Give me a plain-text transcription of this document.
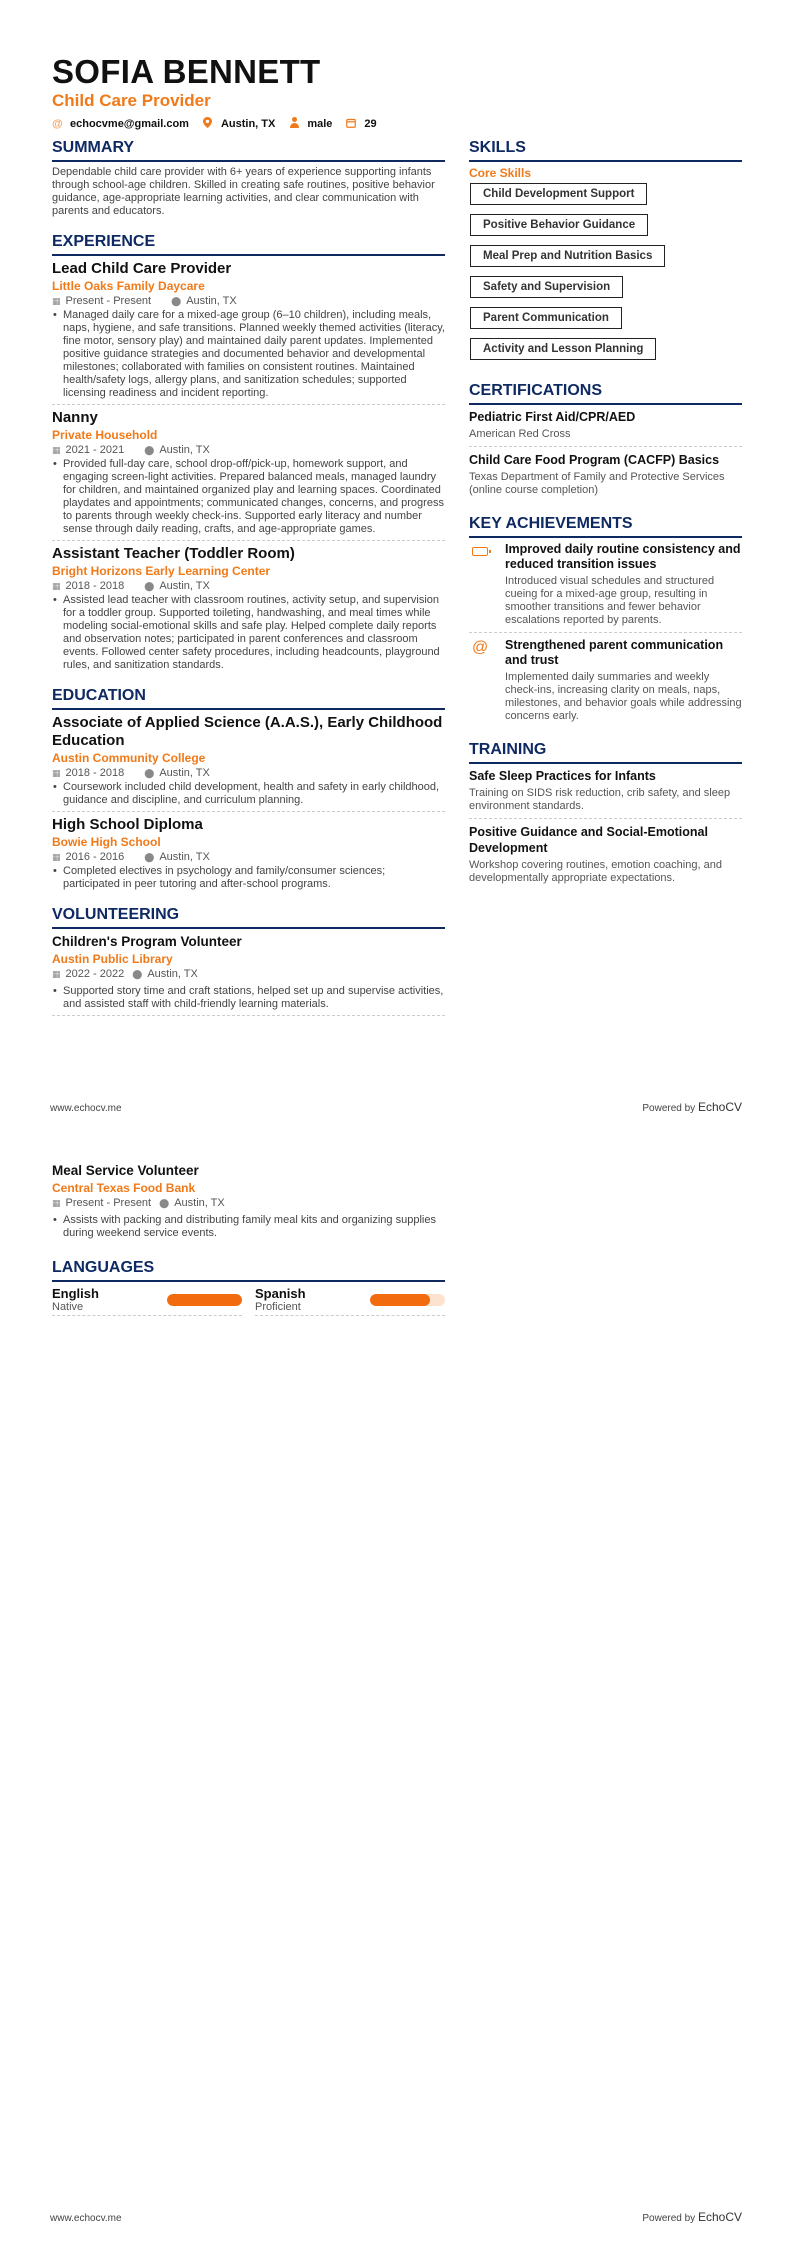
SOFIA BENNETT
Child Care Provider
@ echocvme@gmail.com	Austin, TX	male	29
SUMMARY

Dependable child care provider with 6+ years of experience supporting infants through school-age children. Skilled in creating safe routines, positive behavior guidance, age-appropriate learning activities, and clear communication with parents and educators.

EXPERIENCE
Lead Child Care Provider
Little Oaks Family Daycare
▦ Present - Present ⬤ Austin, TX
• Managed daily care for a mixed-age group (6–10 children), including meals, naps, hygiene, and safe transitions. Planned weekly themed activities (literacy, fine motor, sensory play) and maintained daily parent updates. Implemented positive guidance strategies and documented behavior and developmental milestones; collaborated with families on consistent routines. Maintained health/safety logs, allergy plans, and sanitization schedules; supported licensing readiness and incident reporting.
Nanny
Private Household
▦ 2021 - 2021 ⬤ Austin, TX
• Provided full-day care, school drop-off/pick-up, homework support, and engaging screen-light activities. Prepared balanced meals, managed laundry for children, and maintained organized play and learning spaces. Coordinated playdates and appointments; communicated changes, concerns, and progress to parents through weekly check-ins. Supported early literacy and number sense through daily reading, crafts, and age-appropriate games.
Assistant Teacher (Toddler Room)
Bright Horizons Early Learning Center
▦ 2018 - 2018 ⬤ Austin, TX
• Assisted lead teacher with classroom routines, activity setup, and supervision for a toddler group. Supported toileting, handwashing, and meal times while modeling social-emotional skills and safe play. Helped complete daily reports and observation notes; participated in parent conferences and classroom events. Followed center safety procedures, including headcounts, playground rules, and sanitization standards.
EDUCATION
Associate of Applied Science (A.A.S.), Early Childhood Education
Austin Community College
▦ 2018 - 2018 ⬤ Austin, TX
• Coursework included child development, health and safety in early childhood, guidance and discipline, and curriculum planning.
High School Diploma
Bowie High School
▦ 2016 - 2016 ⬤ Austin, TX
• Completed electives in psychology and family/consumer sciences; participated in peer tutoring and after-school programs.
VOLUNTEERING
Children's Program Volunteer
Austin Public Library
▦ 2022 - 2022 ⬤ Austin, TX
• Supported story time and craft stations, helped set up and supervise activities, and assisted staff with child-friendly learning materials.
SKILLS
Core Skills
Child Development Support
Positive Behavior Guidance
Meal Prep and Nutrition Basics
Safety and Supervision
Parent Communication
Activity and Lesson Planning
CERTIFICATIONS
Pediatric First Aid/CPR/AED
American Red Cross
Child Care Food Program (CACFP) Basics
Texas Department of Family and Protective Services (online course completion)
KEY ACHIEVEMENTS
Improved daily routine consistency and reduced transition issues
Introduced visual schedules and structured cueing for a mixed-age group, resulting in smoother transitions and fewer behavior escalations reported by parents.
@	Strengthened parent communication and trust
Implemented daily summaries and weekly check-ins, increasing clarity on meals, naps, milestones, and behavior goals while addressing concerns early.
TRAINING
Safe Sleep Practices for Infants
Training on SIDS risk reduction, crib safety, and sleep environment standards.
Positive Guidance and Social-Emotional Development
Workshop covering routines, emotion coaching, and developmentally appropriate expectations.
www.echocv.me	Powered by EchoCV
Meal Service Volunteer
Central Texas Food Bank
▦ Present - Present ⬤ Austin, TX
• Assists with packing and distributing family meal kits and organizing supplies during weekend service events.
LANGUAGES
English
Native
Spanish
Proficient
www.echocv.me	Powered by EchoCV
